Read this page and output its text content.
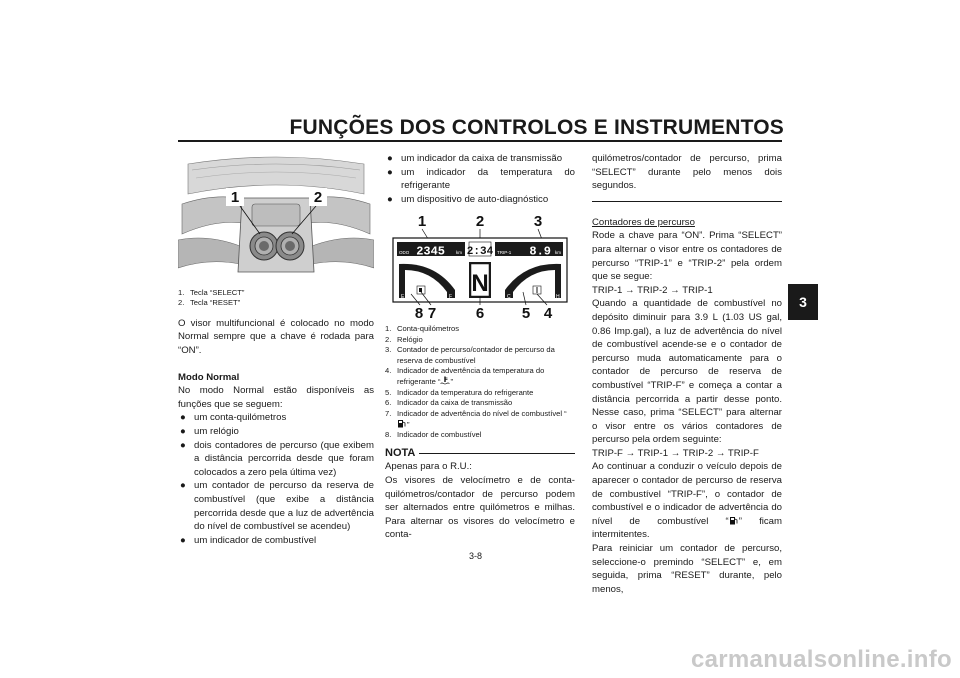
FUNÇÕES DOS CONTROLOS E INSTRUMENTOS
3
1	2
1. Tecla “SELECT”
2. Tecla “RESET”

O visor multifuncional é colocado no modo Normal sempre que a chave é rodada para “ON”.

Modo Normal

No modo Normal estão disponíveis as funções que se seguem:

● um conta-quilómetros
● um relógio
● dois contadores de percurso (que exibem a distância percorrida desde que foram colocados a zero pela última vez)
● um contador de percurso da reserva de combustível (que exibe a distância percorrida desde que a luz de advertência do nível de combustível se acendeu)
● um indicador de combustível
● um indicador da caixa de transmissão
● um indicador da temperatura do refrigerante
● um dispositivo de auto-diagnóstico
1	2	3
ODO 2345 km 2:34 TRIP-1 8.9 km
E	F N	C	H
8 7	6	5 4
1. Conta-quilómetros
2. Relógio
3. Contador de percurso/contador de percurso da reserva de combustível
4. Indicador de advertência da temperatura do refrigerante “ ”
5. Indicador da temperatura do refrigerante
6. Indicador da caixa de transmissão
7. Indicador de advertência do nível de combustível “”
8. Indicador de combustível
NOTA

Apenas para o R.U.:

Os visores de velocímetro e de conta-quilómetros/contador de percurso podem ser alternados entre quilómetros e milhas. Para alternar os visores do velocímetro e conta-

quilómetros/contador de percurso, prima “SELECT” durante pelo menos dois segundos.

Contadores de percurso

Rode a chave para “ON”. Prima “SELECT” para alternar o visor entre os contadores de percurso “TRIP-1” e “TRIP-2” pela ordem que se segue:

TRIP-1 → TRIP-2 → TRIP-1

Quando a quantidade de combustível no depósito diminuir para 3.9 L (1.03 US gal, 0.86 Imp.gal), a luz de advertência do nível de combustível acende-se e o contador de percurso muda automaticamente para o contador de percurso de reserva de combustível “TRIP-F” e começa a contar a distância percorrida a partir desse ponto. Nesse caso, prima “SELECT” para alternar o visor entre os vários contadores de percurso pela ordem seguinte:

TRIP-F → TRIP-1 → TRIP-2 → TRIP-F

Ao continuar a conduzir o veículo depois de aparecer o contador de percurso de reserva de combustível “TRIP-F”, o contador de combustível e o indicador de advertência do nível de combustível “ ” ficam intermitentes.

Para reiniciar um contador de percurso, seleccione-o premindo “SELECT” e, em seguida, prima “RESET” durante, pelo menos,

3-8
carmanualsonline.info
